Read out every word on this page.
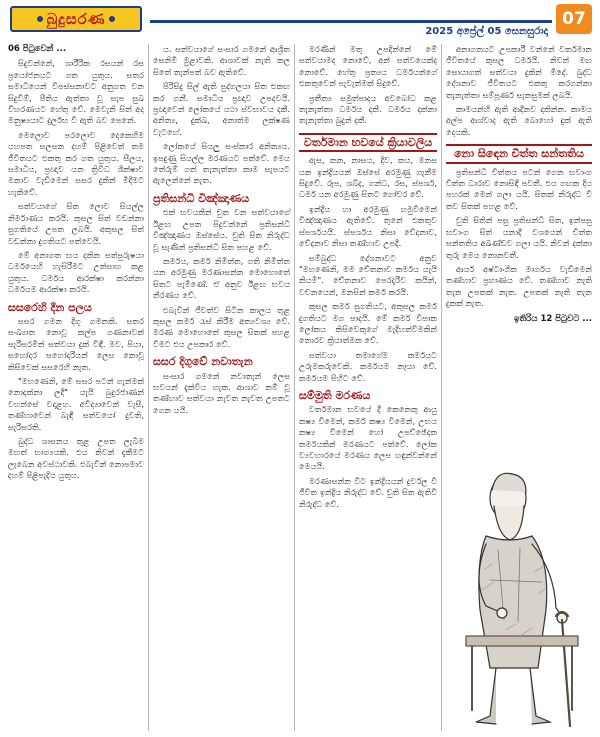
බුදුසරණ
2025 අප්‍රේල් 05 සෙනසුරාදා
07

06 පිටුවෙන් ...

සිදුවන්නේ, ශාරීරික රසයන් රස ප්‍රයෝජනයට ගත යුතුය. සතර සමාධියෙන් විපස්සනාවට අනුගත වන සිදුවීම්, පීතිය ඇත්තා වූ සැප සුඛ විහරණයට හේතු වේ. මෙවැනි සිත් අද මනුෂ්‍යයාට දුර්ලභ වී ඇති බව පෙනේ.

මෙලොව පරලොව දෙකෙහිම යහපත සලසන දහම් පිළිවෙත් තම ජීවිතයට එකතු කර ගත යුතුය. සීලය, සමාධිය, ප්‍රඥාව යන ත්‍රිවිධ ශික්ෂාව මනාව වැඩීමෙන් සසර දුකින් මිදීමට හැකිවේ.

සත්වයාගේ සිත ලොව සියල්ල නිර්මාණය කරයි. කුසල සිත් වඩන්නා සුගතියේ උපත ලබයි. අකුසල සිත් වඩන්නා දුගතියට පත්වෙයි.

මේ අනාගත භය දකින සත්පුරුෂයා ධර්මයෙහි හැසිරීමට උත්සාහ කළ යුතුය. ධර්මය ආරක්ෂා කරන්නා ධර්මයම ආරක්ෂා කරයි.

සසරෙහි දීන පලය

සසර ගමන දිගු ගමනකි. සතර සංඛ්‍යාත නොවූ කල්ප ගණනාවක් සැරිසරමින් සත්වයා දුක් විඳී. මව, පියා, සහෝදර සහෝදරියන් ලෙස නොවූ කිසිවෙක් සසරෙහි නැත.

"මහණෙනි, මේ සසර පටන් ගැන්මක් නොදක්නා ලදී" යැයි බුදුරජාණන් වහන්සේ වදාළහ. අවිද්‍යාවෙන් වැසී, තණ්හාවෙන් බැඳී සත්වයෝ දුවති, සැරිසරති.

බුද්ධ ශාසනය තුළ උපත ලැබීම මහත් භාග්‍යයකි. එය නිවන් දැකීමට ලැබෙන අවස්ථාවකි. එබැවින් නොපමාව දහම් පිළිපැදිය යුතුය.

ය. සත්වයාගේ සංසාර ගමනේ ආශ්‍රිත සෙනිම් මුළාවකි. ආශාවක් නැති කල සිතේ තැන්පත් බව ඇතිවේ.

පිරිසිදු සිල් ඇති පුද්ගලයා සිත එකඟ කර ගනී. සමාධිය ප්‍රඥාව උපදවයි. ප්‍රඥාවෙන් ලෝකයේ යථා ස්වභාවය දකී. අනිත්‍ය, දුක්ඛ, අනාත්ම ලක්ෂණ වැටහේ.

ලෝකයේ සියලු සංස්කාර අනිත්‍යය. ඉපදුණු සියල්ල මරණයට පත්වේ. මෙය තේරුම් ගත් තැනැත්තා කාම සැපයට ඇලෙන්නේ නැත.

ප්‍රතිසන්ධි විඤ්ඤාණය

එක් භවයකින් චුත වන සත්වයාගේ ඊළඟ උපත සිදුවන්නේ ප්‍රතිසන්ධි විඤ්ඤාණය ඔස්සේය. චුති සිත නිරුද්ධ වූ සැණින් ප්‍රතිසන්ධි සිත පහළ වේ.

කර්මය, කර්ම නිමිත්ත, ගති නිමිත්ත යන අරමුණු මරණාසන්න මොහොතේ සිතට පැමිණේ. ඒ අනුව ඊළඟ භවය තීරණය වේ.

එබැවින් ජීවත්ව සිටින කාලය තුළ කුසල කර්ම රැස් කිරීම අත්‍යවශ්‍ය වේ. මරණ මොහොතේ කුසල සිතක් පහළ වීමට එය උපකාර වේ.

සසර දිගුවේ නවාතැන

සංසාර ගමනේ නවාතැන් ලෙස භවයන් දැක්විය හැක. ආශාව නම් වූ තණ්හාව සත්වයා නැවත නැවත උපතට ගෙන යයි.

මරණින් මතු උපදින්නේ මේ සත්වයාමද නොවේ, අන් සත්වයෙක්ද නොවේ. හේතු ප්‍රත්‍යය ධර්මයන්ගේ එකතුවෙන් පැවැත්මක් සිදුවේ.

ප්‍රතීත්‍ය සමුත්පාදය අවබෝධ කළ තැනැත්තා ධර්මය දකී. ධර්මය දක්නා තැනැත්තා බුදුන් දකී.

වර්තමාන භවයේ ක්‍රියාවලිය

ඇස, කන, නාසය, දිව, කය, මනස යන ඉන්ද්‍රියයන් ඔස්සේ අරමුණු ගැනීම සිදුවේ. රූප, ශබ්ද, ගන්ධ, රස, ස්පර්ශ, ධර්ම යන අරමුණු සිතට ගෝචර වේ.

ඉන්ද්‍රිය හා අරමුණු හමුවීමෙන් විඤ්ඤාණය ඇතිවේ. තුනේ එකතුව ස්පර්ශයයි. ස්පර්ශය නිසා වේදනාව, වේදනාව නිසා තණ්හාව උපදී.

සම්බුද්ධ දේශනාවට අනුව "මහණෙනි, මම චේතනාව කර්මය යැයි කියමි". චේතනාව පෙරදැරිව කයින්, වචනයෙන්, මනසින් කර්ම කරයි.

කුසල කර්ම සුගතියට, අකුසල කර්ම දුගතියට මග පාදයි. මේ කර්ම විපාක ලෝකය කිසිවෙකුගේ මැදිහත්වීමකින් තොරව ක්‍රියාත්මක වේ.

සත්වයා තමාගේම කර්මයට උරුමකරුවෙකි. කර්මයම නෑයා වේ. කර්මයම පිහිට වේ.

සම්මුති මරණය

වර්තමාන භවයේ දී කෙනෙකු ආයු කෂ්‍ය වීමෙන්, කර්ම කෂ්‍ය වීමෙන්, උභය කෂ්‍ය වීමෙන් හෝ උපච්ඡේදක කර්මයකින් මරණයට පත්වේ. ලෝක ව්‍යවහාරයේ මරණය ලෙස හඳුන්වන්නේ මෙයයි.

මරණාසන්න විට ඉන්ද්‍රියයන් දුර්වල වී ජීවිත ඉන්ද්‍රිය නිරුද්ධ වේ. චුති සිත ඇතිවී නිරුද්ධ වේ.

අනාගතයට උපකාරී වන්නේ වර්තමාන ජීවිතයේ කුසල ධර්මයි. නිවන් මඟ සොයාගත් සත්වයා දුකින් මිදේ. බුද්ධ දේශනාව ජීවිතයට එකතු කරගන්නා තැනැත්තා සම්පූර්ණ සැනසුමක් ලබයි.

කාමයන්හි ඇති ආදීනව දකින්න. කාමය අල්ප ආශ්වාද ඇති බොහෝ දුක් ඇති දෙයකි.

නො සිඳෙන චිත්ත සන්තතිය

ප්‍රතිසන්ධි චිත්තය පටන් ගෙන භවාංග චිත්ත ධාරාව නොසිඳී පවතී. එය ගඟක දිය පහරක් මෙන් ගලා යයි. සිතක් නිරුද්ධ වී තව සිතක් පහළ වේ.

චුති සිතින් පසු ප්‍රතිසන්ධි සිත, ඉන්පසු භවාංග සිත් යනාදී වශයෙන් චිත්ත සන්තතිය අඛණ්ඩව ගලා යයි. නිවන් දක්නා තුරු මෙය නොනවතී.

ආර්ය අෂ්ටාංගික මාර්ගය වැඩීමෙන් තණ්හාව ප්‍රහාණය වේ. තණ්හාව නැති තැන උපතක් නැත. උපතක් නැති තැන දුකක් නැත.

ඉතිරිය 12 පිටුවට ...
